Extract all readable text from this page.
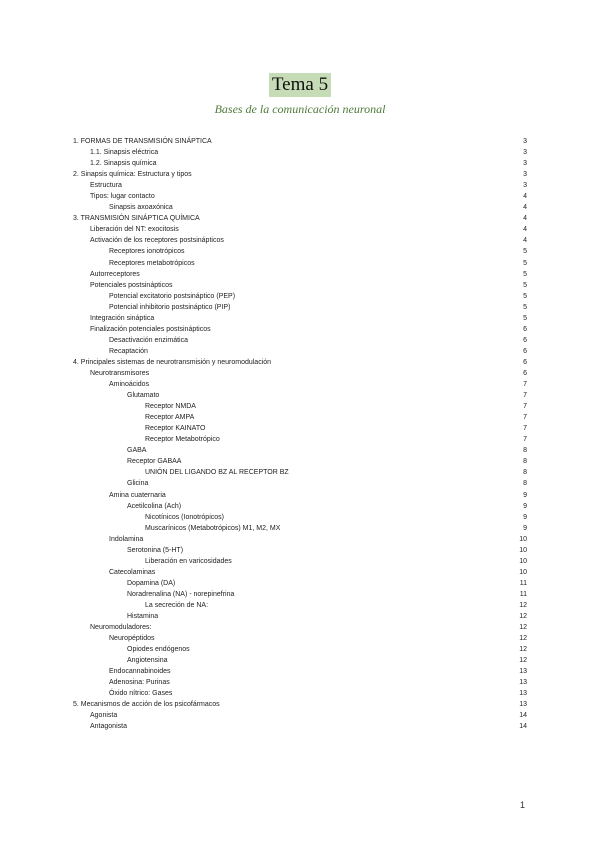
Tema 5
Bases de la comunicación neuronal
1. FORMAS DE TRANSMISIÓN SINÁPTICA	3
1.1. Sinapsis eléctrica	3
1.2. Sinapsis química	3
2. Sinapsis química: Estructura y tipos	3
Estructura	3
Tipos: lugar contacto	4
Sinapsis axoaxónica	4
3. TRANSMISIÓN SINÁPTICA QUÍMICA	4
Liberación del NT: exocitosis	4
Activación de los receptores postsinápticos	4
Receptores ionotrópicos	5
Receptores metabotrópicos	5
Autorreceptores	5
Potenciales postsinápticos	5
Potencial excitatorio postsináptico (PEP)	5
Potencial inhibitorio postsináptico (PIP)	5
Integración sináptica	5
Finalización potenciales postsinápticos	6
Desactivación enzimática	6
Recaptación	6
4. Principales sistemas de neurotransmisión y neuromodulación	6
Neurotransmisores	6
Aminoácidos	7
Glutamato	7
Receptor NMDA	7
Receptor AMPA	7
Receptor KAINATO	7
Receptor Metabotrópico	7
GABA	8
Receptor GABAA	8
UNIÓN DEL LIGANDO BZ AL RECEPTOR BZ	8
Glicina	8
Amina cuaternaria	9
Acetilcolina (Ach)	9
Nicotínicos (Ionotrópicos)	9
Muscarínicos (Metabotrópicos) M1, M2, MX	9
Indolamina	10
Serotonina (5-HT)	10
Liberación en varicosidades	10
Catecolaminas	10
Dopamina (DA)	11
Noradrenalina (NA) - norepinefrina	11
La secreción de NA:	12
Histamina	12
Neuromoduladores:	12
Neuropéptidos	12
Opiodes endógenos	12
Angiotensina	12
Endocannabinoides	13
Adenosina: Purinas	13
Óxido nítrico: Gases	13
5. Mecanismos de acción de los psicofármacos	13
Agonista	14
Antagonista	14
1
